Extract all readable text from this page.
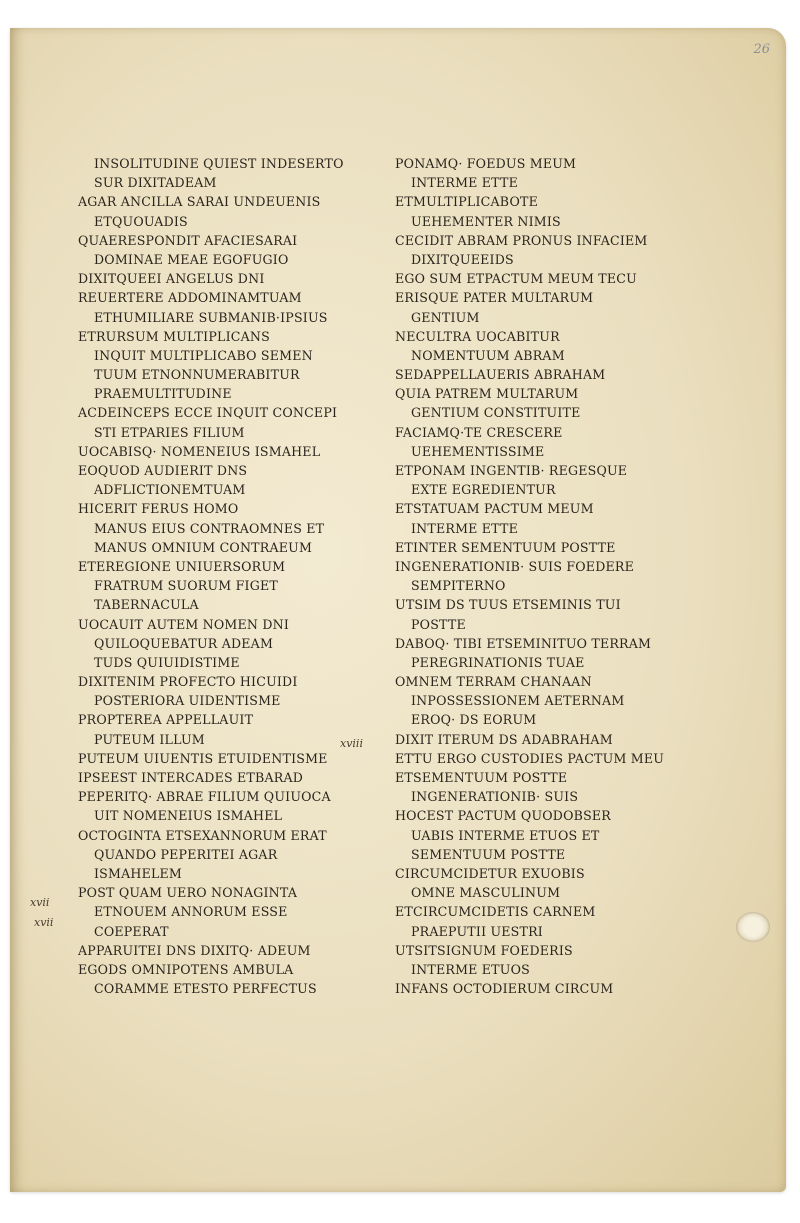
26
INSOLITUDINE QUIEST INDESERTO
SUR DIXITADEAM
AGAR ANCILLA SARAI UNDEUENIS
ETQUOUADIS
QUAERESPONDIT AFACIESARAI
DOMINAE MEAE EGOFUGIO
DIXITQUEEI ANGELUS DNI
REUERTERE ADDOMINAMTUAM
ETHUMILIARE SUBMANIB·IPSIUS
ETRURSUM MULTIPLICANS
INQUIT MULTIPLICABO SEMEN
TUUM ETNONNUMERABITUR
PRAEMULTITUDINE
ACDEINCEPS ECCE INQUIT CONCEPI
STI ETPARIES FILIUM
UOCABISQ· NOMENEIUS ISMAHEL
EOQUOD AUDIERIT DNS
ADFLICTIONEMTUAM
HICERIT FERUS HOMO
MANUS EIUS CONTRAOMNES ET
MANUS OMNIUM CONTRAEUM
ETEREGIONE UNIUERSORUM
FRATRUM SUORUM FIGET
TABERNACULA
UOCAUIT AUTEM NOMEN DNI
QUILOQUEBATUR ADEAM
TUDS QUIUIDISTIME
DIXITENIM PROFECTO HICUIDI
POSTERIORA UIDENTISME
PROPTEREA APPELLAUIT
PUTEUM ILLUM
PUTEUM UIUENTIS ETUIDENTISME
IPSEEST INTERCADES ETBARAD
PEPERITQ· ABRAE FILIUM QUIUOCA
UIT NOMENEIUS ISMAHEL
OCTOGINTA ETSEXANNORUM ERAT
QUANDO PEPERITEI AGAR
ISMAHELEM
POST QUAM UERO NONAGINTA
ETNOUEM ANNORUM ESSE
COEPERAT
APPARUITEI DNS DIXITQ· ADEUM
EGODS OMNIPOTENS AMBULA
CORAMME ETESTO PERFECTUS
PONAMQ· FOEDUS MEUM
INTERME ETTE
ETMULTIPLICABOTE
UEHEMENTER NIMIS
CECIDIT ABRAM PRONUS INFACIEM
DIXITQUEEIDS
EGO SUM ETPACTUM MEUM TECU
ERISQUE PATER MULTARUM
GENTIUM
NECULTRA UOCABITUR
NOMENTUUM ABRAM
SEDAPPELLAUERIS ABRAHAM
QUIA PATREM MULTARUM
GENTIUM CONSTITUITE
FACIAMQ·TE CRESCERE
UEHEMENTISSIME
ETPONAM INGENTIB· REGESQUE
EXTE EGREDIENTUR
ETSTATUAM PACTUM MEUM
INTERME ETTE
ETINTER SEMENTUUM POSTTE
INGENERATIONIB· SUIS FOEDERE
SEMPITERNO
UTSIM DS TUUS ETSEMINIS TUI
POSTTE
DABOQ· TIBI ETSEMINITUO TERRAM
PEREGRINATIONIS TUAE
OMNEM TERRAM CHANAAN
INPOSSESSIONEM AETERNAM
EROQ· DS EORUM
DIXIT ITERUM DS ADABRAHAM
ETTU ERGO CUSTODIES PACTUM MEU
ETSEMENTUUM POSTTE
INGENERATIONIB· SUIS
HOCEST PACTUM QUODOBSER
UABIS INTERME ETUOS ET
SEMENTUUM POSTTE
CIRCUMCIDETUR EXUOBIS
OMNE MASCULINUM
ETCIRCUMCIDETIS CARNEM
PRAEPUTII UESTRI
UTSITSIGNUM FOEDERIS
INTERME ETUOS
INFANS OCTODIERUM CIRCUM
xvii
xvii
xviii
